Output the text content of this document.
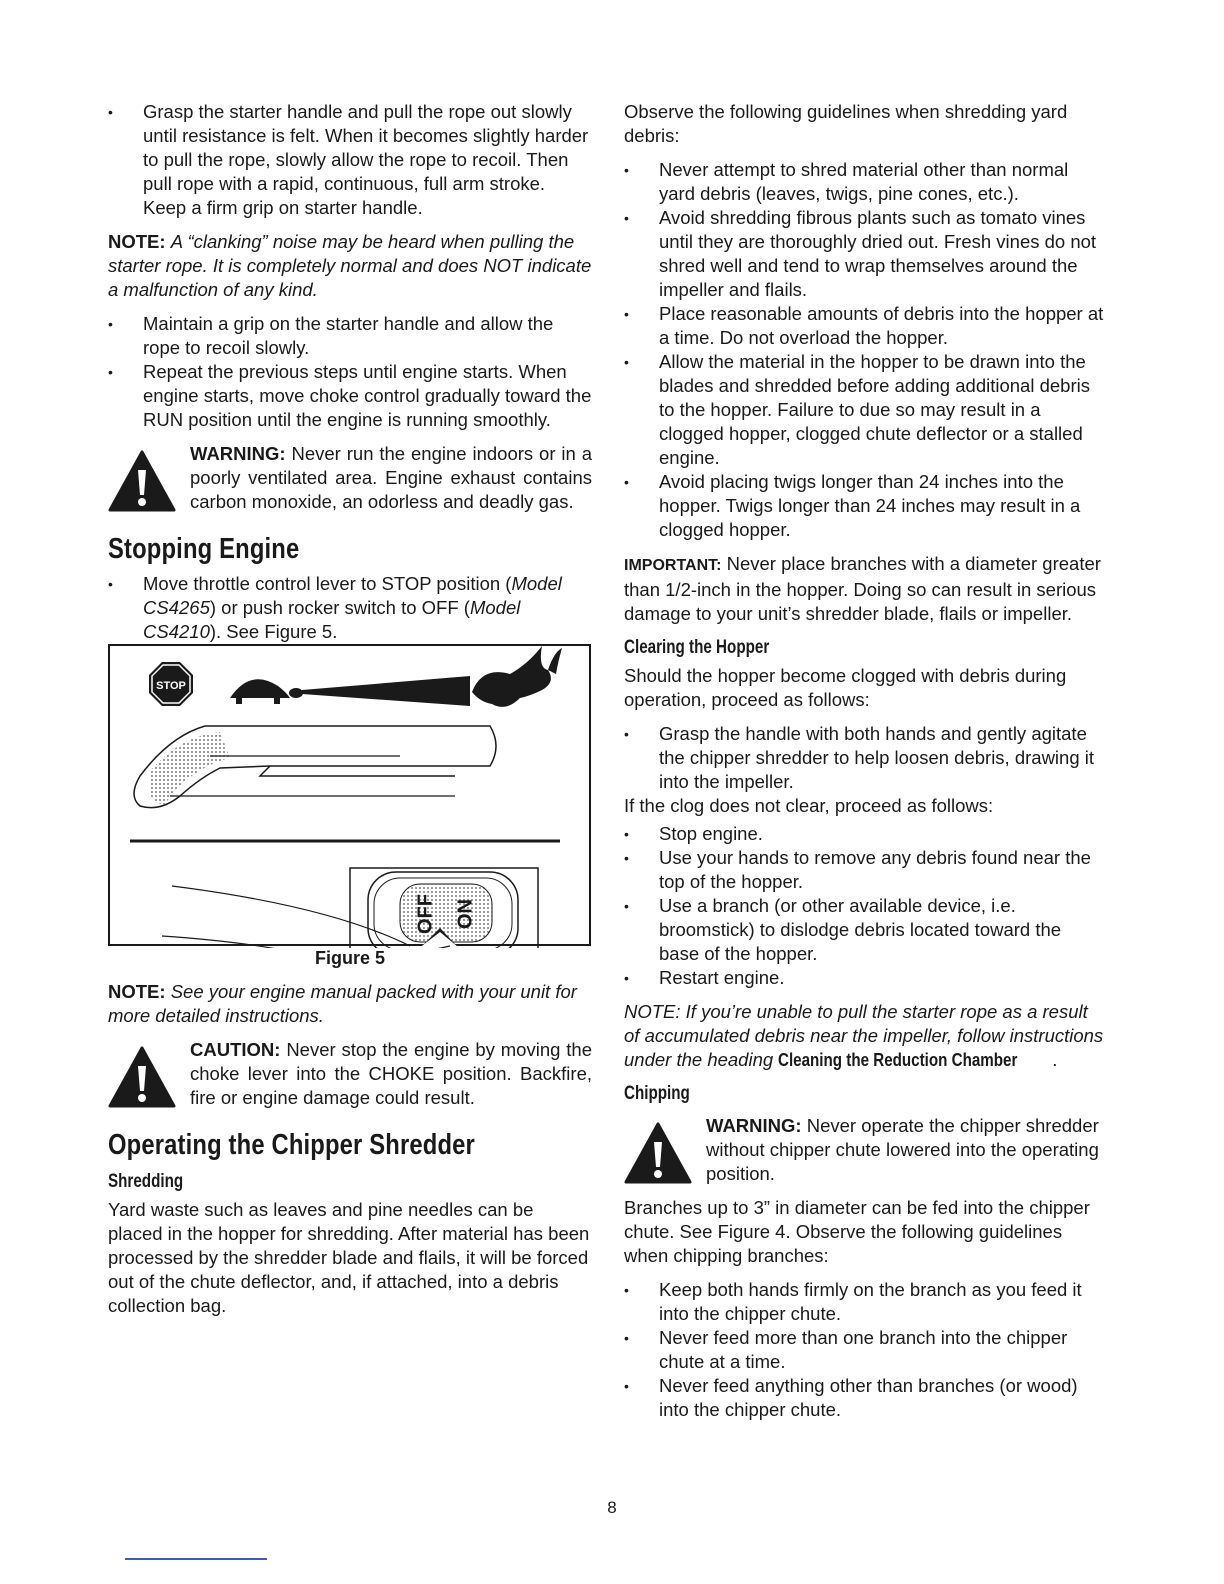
• Grasp the starter handle and pull the rope out slowly until resistance is felt. When it becomes slightly harder to pull the rope, slowly allow the rope to recoil. Then pull rope with a rapid, continuous, full arm stroke. Keep a firm grip on starter handle.

NOTE: A “clanking” noise may be heard when pulling the starter rope. It is completely normal and does NOT indicate a malfunction of any kind.

• Maintain a grip on the starter handle and allow the rope to recoil slowly.
• Repeat the previous steps until engine starts. When engine starts, move choke control gradually toward the RUN position until the engine is running smoothly.
WARNING: Never run the engine indoors or in a poorly ventilated area. Engine exhaust contains carbon monoxide, an odorless and deadly gas.
Stopping Engine
• Move throttle control lever to STOP position (Model CS4265) or push rocker switch to OFF (Model CS4210). See Figure 5.
STOP
OFF ON
Figure 5

NOTE: See your engine manual packed with your unit for more detailed instructions.

CAUTION: Never stop the engine by moving the choke lever into the CHOKE position. Backfire, fire or engine damage could result.
Operating the Chipper Shredder
Shredding

Yard waste such as leaves and pine needles can be placed in the hopper for shredding. After material has been processed by the shredder blade and flails, it will be forced out of the chute deflector, and, if attached, into a debris collection bag.

Observe the following guidelines when shredding yard debris:

• Never attempt to shred material other than normal yard debris (leaves, twigs, pine cones, etc.).
• Avoid shredding fibrous plants such as tomato vines until they are thoroughly dried out. Fresh vines do not shred well and tend to wrap themselves around the impeller and flails.
• Place reasonable amounts of debris into the hopper at a time. Do not overload the hopper.
• Allow the material in the hopper to be drawn into the blades and shredded before adding additional debris to the hopper. Failure to due so may result in a clogged hopper, clogged chute deflector or a stalled engine.
• Avoid placing twigs longer than 24 inches into the hopper. Twigs longer than 24 inches may result in a clogged hopper.

IMPORTANT: Never place branches with a diameter greater than 1/2-inch in the hopper. Doing so can result in serious damage to your unit’s shredder blade, flails or impeller.

Clearing the Hopper

Should the hopper become clogged with debris during operation, proceed as follows:

• Grasp the handle with both hands and gently agitate the chipper shredder to help loosen debris, drawing it into the impeller.

If the clog does not clear, proceed as follows:

• Stop engine.
• Use your hands to remove any debris found near the top of the hopper.
• Use a branch (or other available device, i.e. broomstick) to dislodge debris located toward the base of the hopper.
• Restart engine.

NOTE: If you’re unable to pull the starter rope as a result of accumulated debris near the impeller, follow instructions under the heading Cleaning the Reduction Chamber .

Chipping
WARNING: Never operate the chipper shredder without chipper chute lowered into the operating position.

Branches up to 3” in diameter can be fed into the chipper chute. See Figure 4. Observe the following guidelines when chipping branches:

• Keep both hands firmly on the branch as you feed it into the chipper chute.
• Never feed more than one branch into the chipper chute at a time.
• Never feed anything other than branches (or wood) into the chipper chute.
8
